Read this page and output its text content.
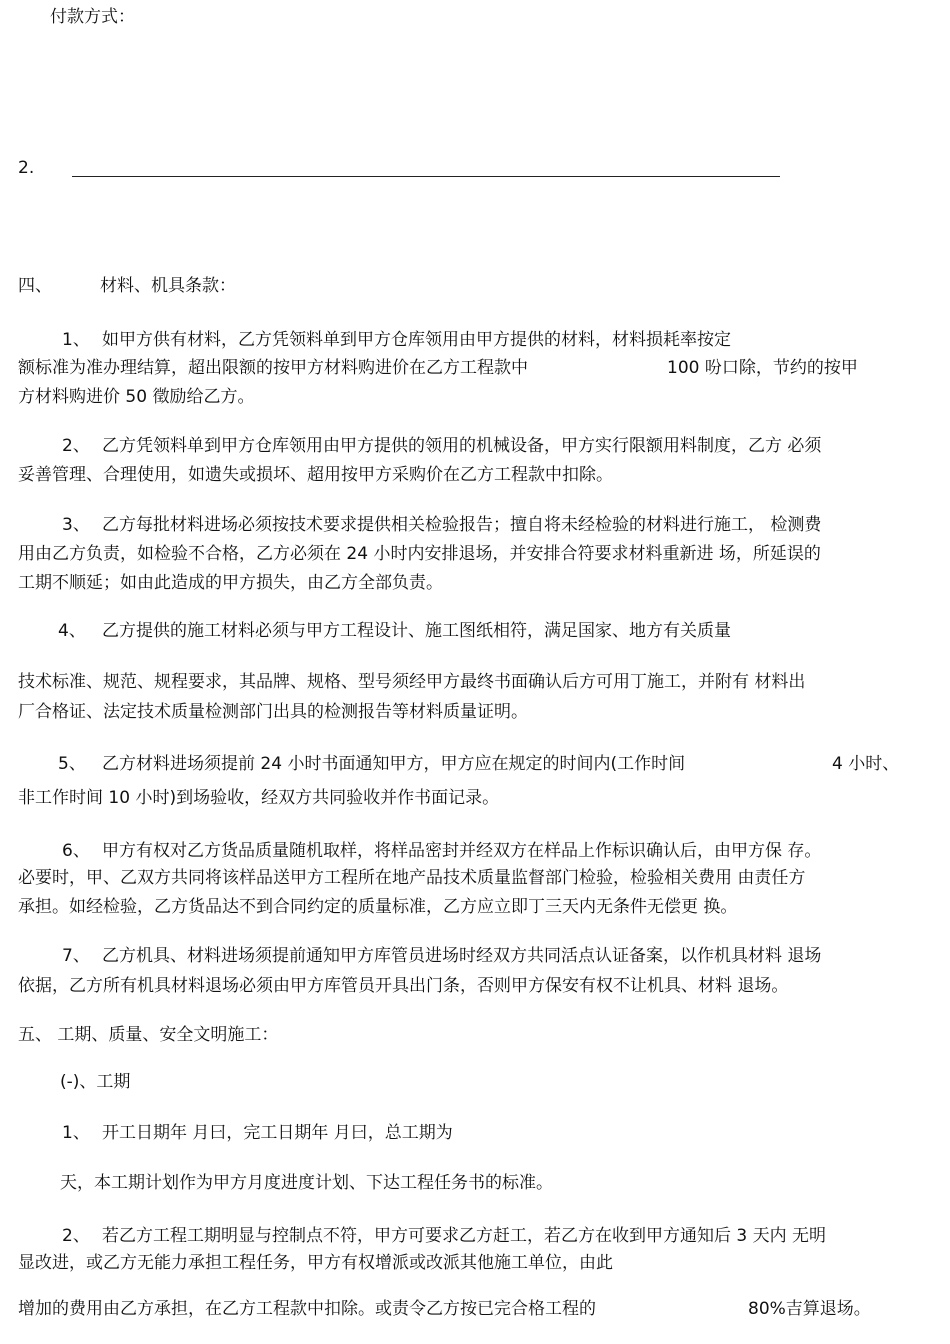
付款方式：
2.
四、	材料、机具条款：
1、 如甲方供有材料，乙方凭领料单到甲方仓库领用由甲方提供的材料，材料损耗率按定
额标准为准办理结算，超出限额的按甲方材料购进价在乙方工程款中	100 吩口除，节约的按甲
方材料购进价 50 徵励给乙方。
2、 乙方凭领料单到甲方仓库领用由甲方提供的领用的机械设备，甲方实行限额用料制度，乙方 必须
妥善管理、合理使用，如遗失或损坏、超用按甲方采购价在乙方工程款中扣除。
3、 乙方每批材料进场必须按技术要求提供相关检验报告；擅自将未经检验的材料进行施工， 检测费
用由乙方负责，如检验不合格，乙方必须在 24 小时内安排退场，并安排合符要求材料重新进 场，所延误的
工期不顺延；如由此造成的甲方损失，由乙方全部负责。
4、 乙方提供的施工材料必须与甲方工程设计、施工图纸相符，满足国家、地方有关质量
技术标准、规范、规程要求，其品牌、规格、型号须经甲方最终书面确认后方可用丁施工，并附有 材料出
厂合格证、法定技术质量检测部门出具的检测报告等材料质量证明。
5、 乙方材料进场须提前 24 小时书面通知甲方，甲方应在规定的时间内(工作时间	4 小时、
非工作时间 10 小时)到场验收，经双方共同验收并作书面记录。
6、 甲方有权对乙方货品质量随机取样，将样品密封并经双方在样品上作标识确认后，由甲方保 存。
必要时，甲、乙双方共同将该样品送甲方工程所在地产品技术质量监督部门检验，检验相关费用 由责任方
承担。如经检验，乙方货品达不到合同约定的质量标准，乙方应立即丁三天内无条件无偿更 换。
7、 乙方机具、材料进场须提前通知甲方库管员进场时经双方共同活点认证备案，以作机具材料 退场
依据，乙方所有机具材料退场必须由甲方库管员开具出门条，否则甲方保安有权不让机具、材料 退场。
五、 工期、质量、安全文明施工：
(-)、工期
1、 开工日期年 月曰，完工日期年 月曰，总工期为
天，本工期计划作为甲方月度进度计划、下达工程任务书的标准。
2、 若乙方工程工期明显与控制点不符，甲方可要求乙方赶工，若乙方在收到甲方通知后 3 天内 无明
显改进，或乙方无能力承担工程任务，甲方有权增派或改派其他施工单位，由此
增加的费用由乙方承担，在乙方工程款中扣除。或责令乙方按已完合格工程的	80%吉算退场。
